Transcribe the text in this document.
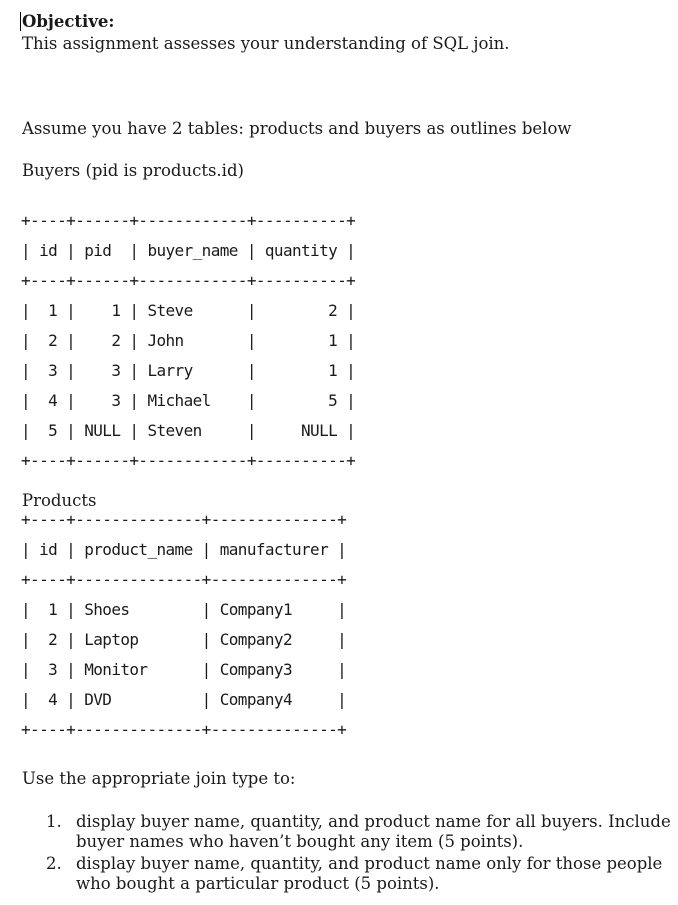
Objective:
This assignment assesses your understanding of SQL join.
Assume you have 2 tables: products and buyers as outlines below
Buyers (pid is products.id)
+----+------+------------+----------+
| id | pid  | buyer_name | quantity |
+----+------+------------+----------+
|  1 |    1 | Steve      |        2 |
|  2 |    2 | John       |        1 |
|  3 |    3 | Larry      |        1 |
|  4 |    3 | Michael    |        5 |
|  5 | NULL | Steven     |     NULL |
+----+------+------------+----------+
Products
+----+--------------+--------------+
| id | product_name | manufacturer |
+----+--------------+--------------+
|  1 | Shoes        | Company1     |
|  2 | Laptop       | Company2     |
|  3 | Monitor      | Company3     |
|  4 | DVD          | Company4     |
+----+--------------+--------------+
Use the appropriate join type to:
1. display buyer name, quantity, and product name for all buyers. Include buyer names who haven’t bought any item (5 points).
2. display buyer name, quantity, and product name only for those people who bought a particular product (5 points).
